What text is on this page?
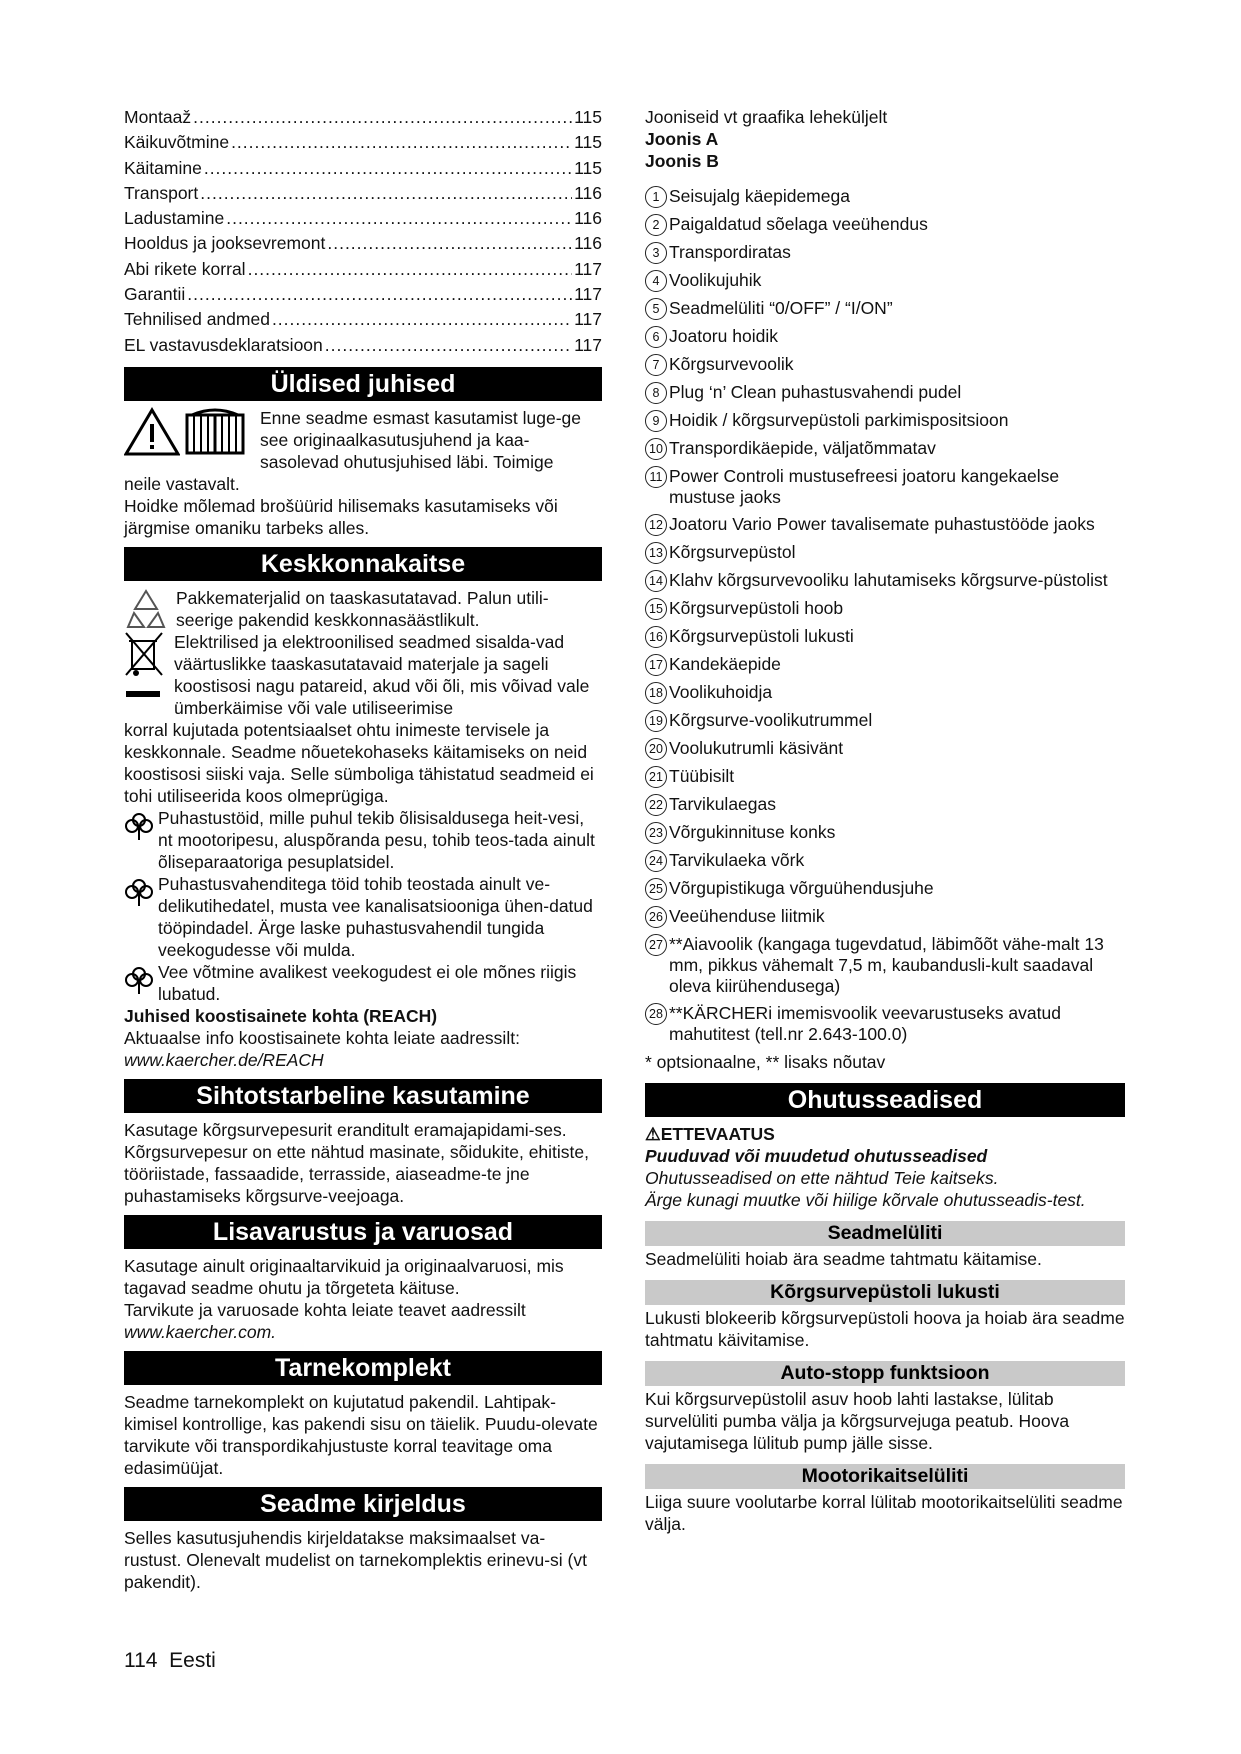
Montaaž .....	115
Käikuvõtmine .....	115
Käitamine .....	115
Transport .....	116
Ladustamine .....	116
Hooldus ja jooksevremont .....	116
Abi rikete korral .....	117
Garantii .....	117
Tehnilised andmed .....	117
EL vastavusdeklaratsioon .....	117
Üldised juhised

Enne seadme esmast kasutamist luge-ge see originaalkasutusjuhend ja kaa-sasolevad ohutusjuhised läbi. Toimige

neile vastavalt.

Hoidke mõlemad brošüürid hilisemaks kasutamiseks või järgmise omaniku tarbeks alles.

Keskkonnakaitse

Pakkematerjalid on taaskasutatavad. Palun utili-seerige pakendid keskkonnasäästlikult.

Elektrilised ja elektroonilised seadmed sisalda-vad väärtuslikke taaskasutatavaid materjale ja sageli koostisosi nagu patareid, akud või õli, mis võivad vale ümberkäimise või vale utiliseerimise

korral kujutada potentsiaalset ohtu inimeste tervisele ja keskkonnale. Seadme nõuetekohaseks käitamiseks on neid koostisosi siiski vaja. Selle sümboliga tähistatud seadmeid ei tohi utiliseerida koos olmeprügiga.

Puhastustöid, mille puhul tekib õlisisaldusega heit-vesi, nt mootoripesu, aluspõranda pesu, tohib teos-tada ainult õliseparaatoriga pesuplatsidel.

Puhastusvahenditega töid tohib teostada ainult ve-delikutihedatel, musta vee kanalisatsiooniga ühen-datud tööpindadel. Ärge laske puhastusvahendil tungida veekogudesse või mulda.

Vee võtmine avalikest veekogudest ei ole mõnes riigis lubatud.

Juhised koostisainete kohta (REACH)

Aktuaalse info koostisainete kohta leiate aadressilt:

www.kaercher.de/REACH

Sihtotstarbeline kasutamine

Kasutage kõrgsurvepesurit eranditult eramajapidami-ses.

Kõrgsurvepesur on ette nähtud masinate, sõidukite, ehitiste, tööriistade, fassaadide, terrasside, aiaseadme-te jne puhastamiseks kõrgsurve-veejoaga.

Lisavarustus ja varuosad

Kasutage ainult originaaltarvikuid ja originaalvaruosi, mis tagavad seadme ohutu ja tõrgeteta käituse.

Tarvikute ja varuosade kohta leiate teavet aadressilt

www.kaercher.com.

Tarnekomplekt

Seadme tarnekomplekt on kujutatud pakendil. Lahtipak-kimisel kontrollige, kas pakendi sisu on täielik. Puudu-olevate tarvikute või transpordikahjustuste korral teavitage oma edasimüüjat.

Seadme kirjeldus

Selles kasutusjuhendis kirjeldatakse maksimaalset va-rustust. Olenevalt mudelist on tarnekomplektis erinevu-si (vt pakendit).

Jooniseid vt graafika leheküljelt

Joonis A

Joonis B

1 Seisujalg käepidemega
2 Paigaldatud sõelaga veeühendus
3 Transpordiratas
4 Voolikujuhik
5 Seadmelüliti “0/OFF” / “I/ON”
6 Joatoru hoidik
7 Kõrgsurvevoolik
8 Plug ‘n’ Clean puhastusvahendi pudel
9 Hoidik / kõrgsurvepüstoli parkimispositsioon
10 Transpordikäepide, väljatõmmatav
11 Power Controli mustusefreesi joatoru kangekaelse mustuse jaoks
12 Joatoru Vario Power tavalisemate puhastustööde jaoks
13 Kõrgsurvepüstol
14 Klahv kõrgsurvevooliku lahutamiseks kõrgsurve-püstolist
15 Kõrgsurvepüstoli hoob
16 Kõrgsurvepüstoli lukusti
17 Kandekäepide
18 Voolikuhoidja
19 Kõrgsurve-voolikutrummel
20 Voolukutrumli käsivänt
21 Tüübisilt
22 Tarvikulaegas
23 Võrgukinnituse konks
24 Tarvikulaeka võrk
25 Võrgupistikuga võrguühendusjuhe
26 Veeühenduse liitmik
27 **Aiavoolik (kangaga tugevdatud, läbimõõt vähe-malt 13 mm, pikkus vähemalt 7,5 m, kaubandusli-kult saadaval oleva kiirühendusega)
28 **KÄRCHERi imemisvoolik veevarustuseks avatud mahutitest (tell.nr 2.643-100.0)

* optsionaalne, ** lisaks nõutav

Ohutusseadised

⚠ETTEVAATUS

Puuduvad või muudetud ohutusseadised

Ohutusseadised on ette nähtud Teie kaitseks.

Ärge kunagi muutke või hiilige kõrvale ohutusseadis-test.

Seadmelüliti

Seadmelüliti hoiab ära seadme tahtmatu käitamise.

Kõrgsurvepüstoli lukusti

Lukusti blokeerib kõrgsurvepüstoli hoova ja hoiab ära seadme tahtmatu käivitamise.

Auto-stopp funktsioon

Kui kõrgsurvepüstolil asuv hoob lahti lastakse, lülitab survelüliti pumba välja ja kõrgsurvejuga peatub. Hoova vajutamisega lülitub pump jälle sisse.

Mootorikaitselüliti

Liiga suure voolutarbe korral lülitab mootorikaitselüliti seadme välja.

114 Eesti
